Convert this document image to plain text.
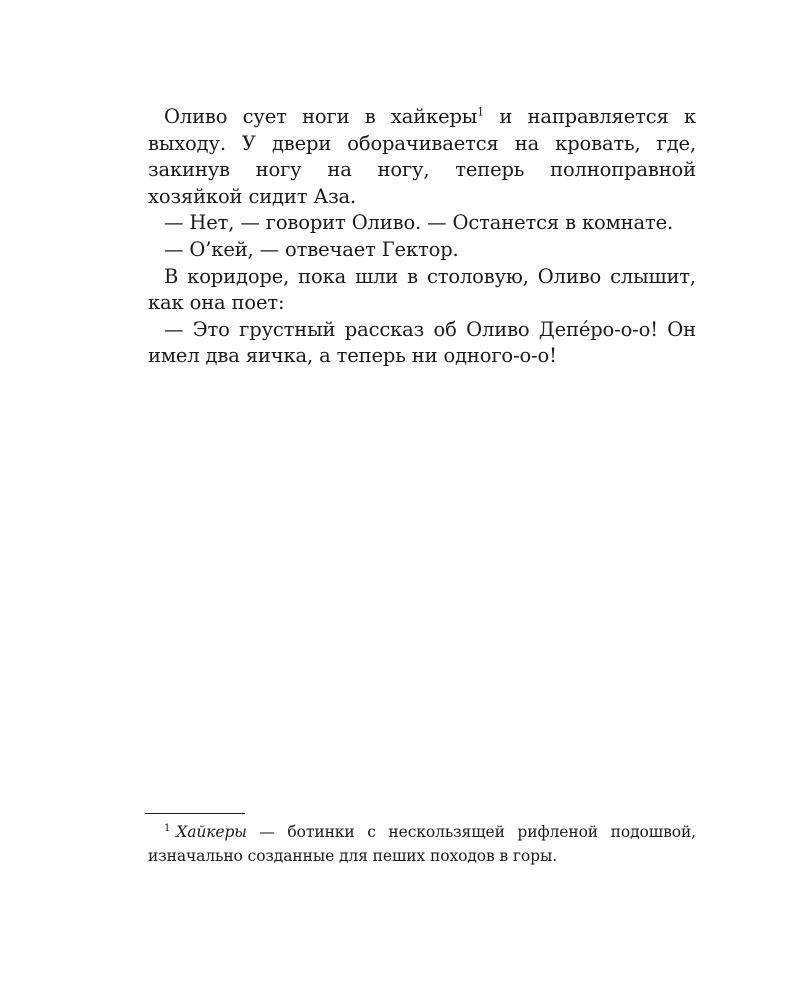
Оливо сует ноги в хайкеры$^1$ и направляется к выходу. У двери оборачивается на кровать, где, закинув ногу на ногу, теперь полноправной хозяйкой сидит Аза.

— Нет, — говорит Оливо. — Останется в комнате.

— О’кей, — отвечает Гектор.

В коридоре, пока шли в столовую, Оливо слышит, как она поет:

— Это грустный рассказ об Оливо Депéро-о-о! Он имел два яичка, а теперь ни одного-о-о!

$^1$ Хайкеры — ботинки с нескользящей рифленой подошвой, изначально созданные для пеших походов в горы.
